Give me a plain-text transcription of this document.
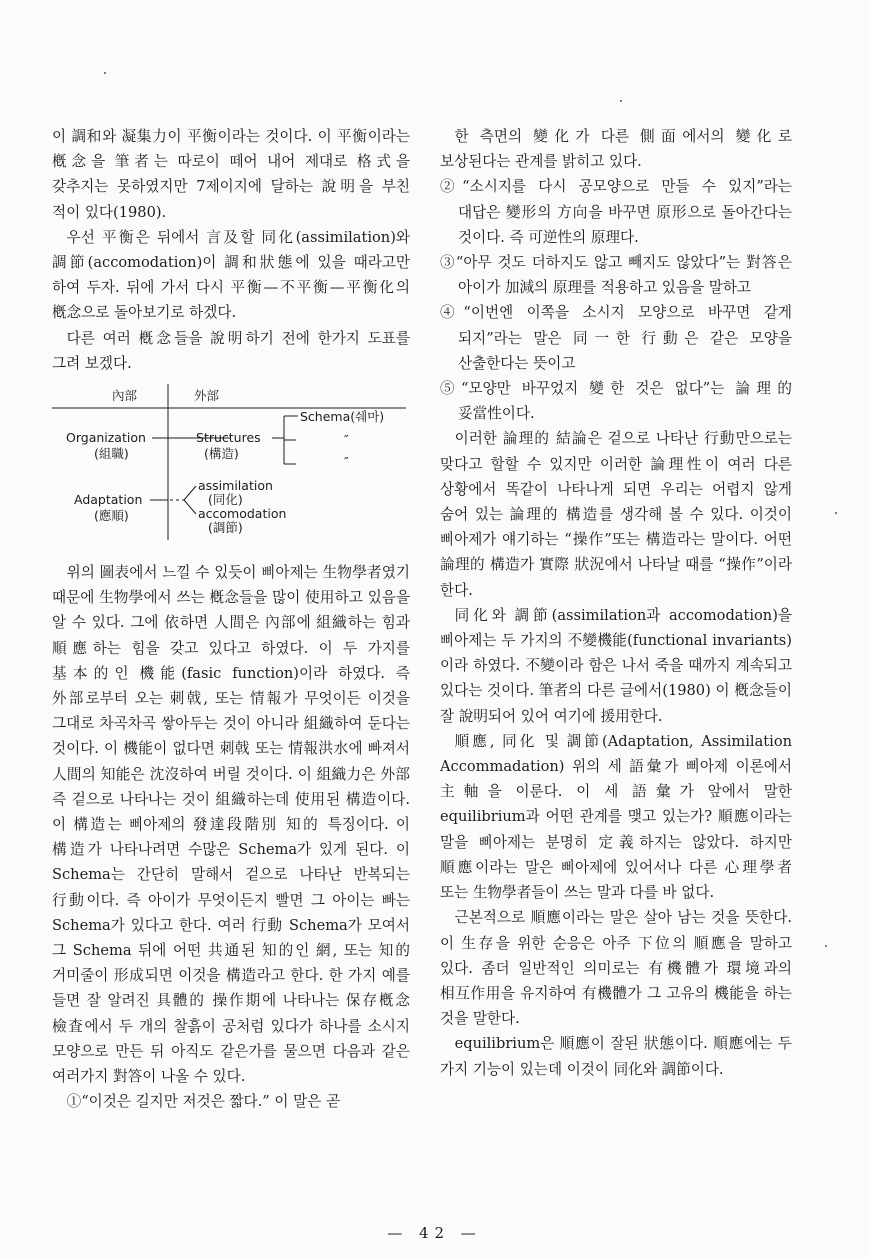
이 調和와 凝集力이 平衡이라는 것이다. 이 平衡이라는 槪念을 筆者는 따로이 떼어 내어 제대로 格式을 갖추지는 못하였지만 7제이지에 달하는 說明을 부친 적이 있다(1980).

우선 平衡은 뒤에서 言及할 同化(assimilation)와 調節(accomodation)이 調和狀態에 있을 때라고만 하여 두자. 뒤에 가서 다시 平衡—不平衡—平衡化의 槪念으로 돌아보기로 하겠다.

다른 여러 槪念들을 說明하기 전에 한가지 도표를 그려 보겠다.

內部	外部
Schema(쉐마)
″
″
Organization
(組職)
Structures
(構造)
Adaptation
(應順)
assimilation
(同化)
accomodation
(調節)

위의 圖表에서 느낄 수 있듯이 삐아제는 生物學者였기 때문에 生物學에서 쓰는 槪念들을 많이 使用하고 있음을 알 수 있다. 그에 依하면 人間은 內部에 組織하는 힘과 順應하는 힘을 갖고 있다고 하였다. 이 두 가지를 基本的인 機能(fasic function)이라 하였다. 즉 外部로부터 오는 刺戟, 또는 情報가 무엇이든 이것을 그대로 차곡차곡 쌓아두는 것이 아니라 組織하여 둔다는 것이다. 이 機能이 없다면 刺戟 또는 情報洪水에 빠져서 人間의 知能은 沈沒하여 버릴 것이다. 이 組織力은 外部 즉 겉으로 나타나는 것이 組織하는데 使用된 構造이다. 이 構造는 삐아제의 發達段階別 知的 특징이다. 이 構造가 나타나려면 수많은 Schema가 있게 된다. 이 Schema는 간단히 말해서 겉으로 나타난 반복되는 行動이다. 즉 아이가 무엇이든지 빨면 그 아이는 빠는 Schema가 있다고 한다. 여러 行動 Schema가 모여서 그 Schema 뒤에 어떤 共通된 知的인 網, 또는 知的 거미줄이 形成되면 이것을 構造라고 한다. 한 가지 예를 들면 잘 알려진 具體的 操作期에 나타나는 保存槪念 檢査에서 두 개의 찰흙이 공처럼 있다가 하나를 소시지 모양으로 만든 뒤 아직도 같은가를 물으면 다음과 같은 여러가지 對答이 나올 수 있다.

①“이것은 길지만 저것은 짧다.” 이 말은 곧

한 측면의 變化가 다른 側面에서의 變化로 보상된다는 관계를 밝히고 있다.

②“소시지를 다시 공모양으로 만들 수 있지”라는 대답은 變形의 方向을 바꾸면 原形으로 돌아간다는 것이다. 즉 可逆性의 原理다.

③“아무 것도 더하지도 않고 빼지도 않았다”는 對答은 아이가 加減의 原理를 적용하고 있음을 말하고

④“이번엔 이쪽을 소시지 모양으로 바꾸면 같게 되지”라는 말은 同一한 行動은 같은 모양을 산출한다는 뜻이고

⑤“모양만 바꾸었지 變한 것은 없다”는 論理的 妥當性이다.

이러한 論理的 結論은 겉으로 나타난 行動만으로는 맞다고 할할 수 있지만 이러한 論理性이 여러 다른 상황에서 똑같이 나타나게 되면 우리는 어렵지 않게 숨어 있는 論理的 構造를 생각해 볼 수 있다. 이것이 삐아제가 얘기하는 “操作”또는 構造라는 말이다. 어떤 論理的 構造가 實際 狀況에서 나타날 때를 “操作”이라 한다.

同化와 調節(assimilation과 accomodation)을 삐아제는 두 가지의 不變機能(functional invariants)이라 하였다. 不變이라 함은 나서 죽을 때까지 계속되고 있다는 것이다. 筆者의 다른 글에서(1980) 이 槪念들이 잘 說明되어 있어 여기에 援用한다.

順應, 同化 및 調節(Adaptation, Assimilation Accommadation) 위의 세 語彙가 삐아제 이론에서 主軸을 이룬다. 이 세 語彙가 앞에서 말한 equilibrium과 어떤 관계를 맺고 있는가? 順應이라는 말을 삐아제는 분명히 定義하지는 않았다. 하지만 順應이라는 말은 삐아제에 있어서나 다른 心理學者 또는 生物學者들이 쓰는 말과 다를 바 없다.

근본적으로 順應이라는 말은 살아 남는 것을 뜻한다. 이 生存을 위한 순응은 아주 下位의 順應을 말하고 있다. 좀더 일반적인 의미로는 有機體가 環境과의 相互作用을 유지하여 有機體가 그 고유의 機能을 하는 것을 말한다.

equilibrium은 順應이 잘된 狀態이다. 順應에는 두 가지 기능이 있는데 이것이 同化와 調節이다.

— 42 —
